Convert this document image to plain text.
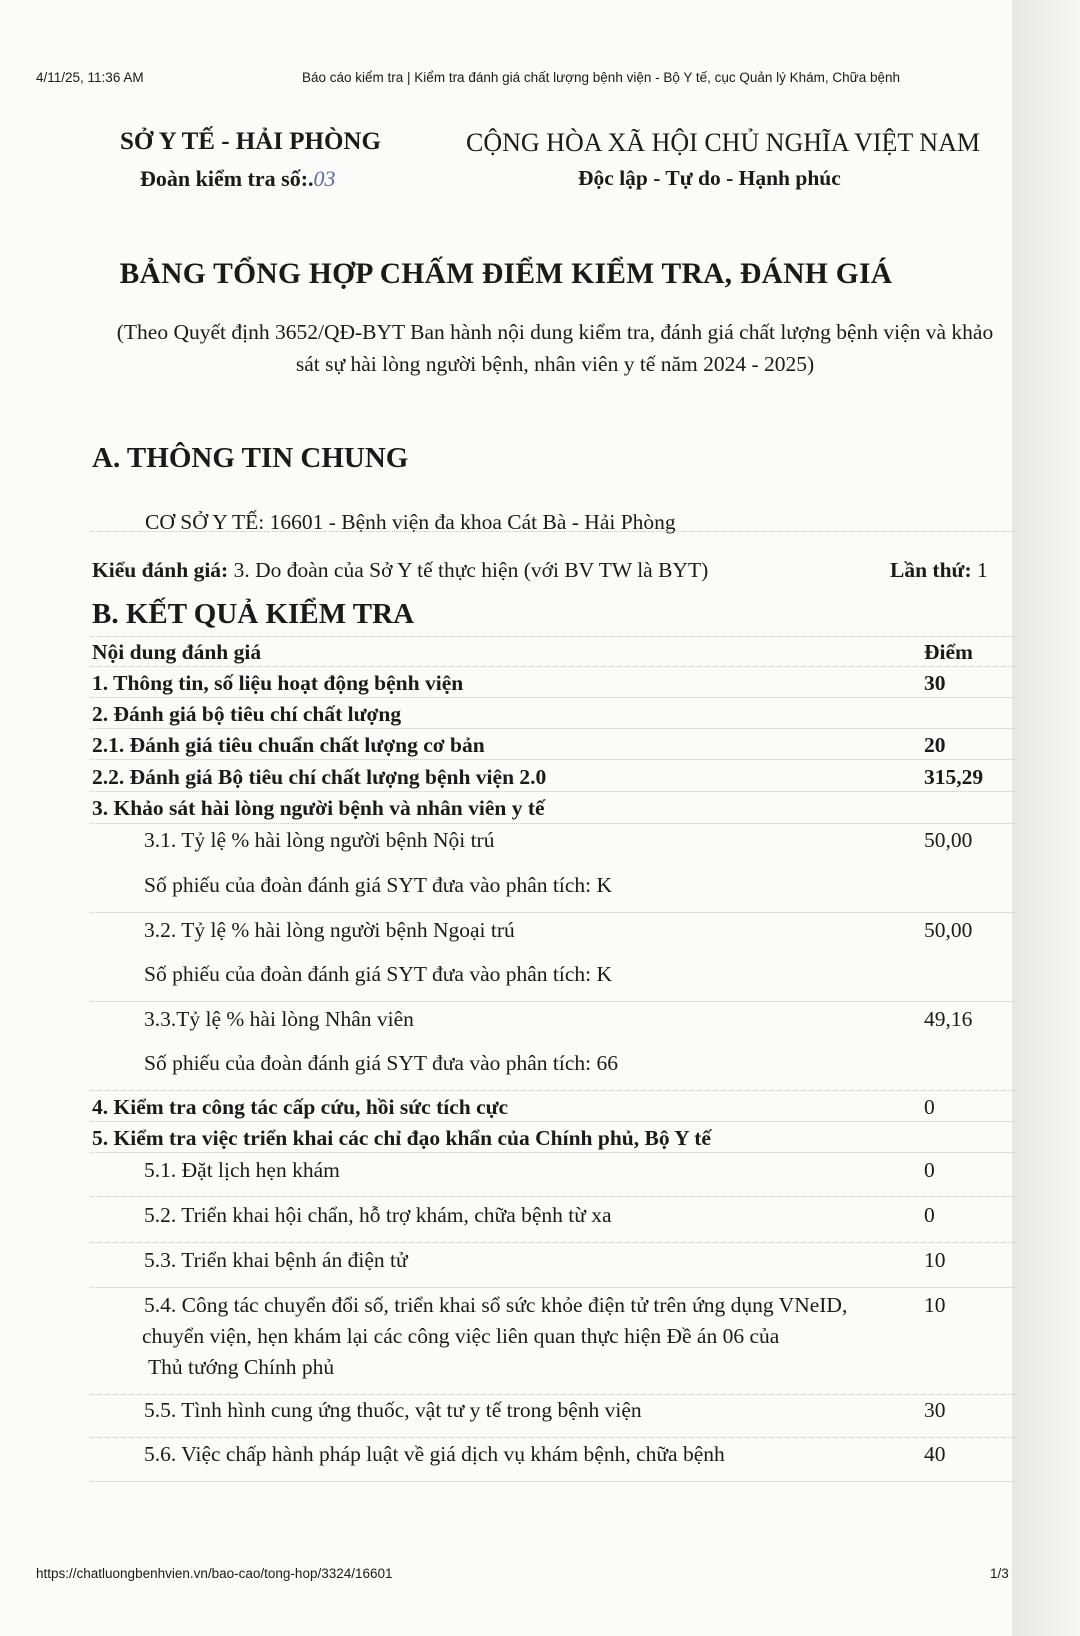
4/11/25, 11:36 AM	Báo cáo kiểm tra | Kiểm tra đánh giá chất lượng bệnh viện - Bộ Y tế, cục Quản lý Khám, Chữa bệnh
SỞ Y TẾ - HẢI PHÒNG
Đoàn kiểm tra số:.03
CỘNG HÒA XÃ HỘI CHỦ NGHĨA VIỆT NAM
Độc lập - Tự do - Hạnh phúc
BẢNG TỔNG HỢP CHẤM ĐIỂM KIỂM TRA, ĐÁNH GIÁ
(Theo Quyết định 3652/QĐ-BYT Ban hành nội dung kiểm tra, đánh giá chất lượng bệnh viện và khảo
sát sự hài lòng người bệnh, nhân viên y tế năm 2024 - 2025)
A. THÔNG TIN CHUNG
CƠ SỞ Y TẾ: 16601 - Bệnh viện đa khoa Cát Bà - Hải Phòng
Kiểu đánh giá: 3. Do đoàn của Sở Y tế thực hiện (với BV TW là BYT)	Lần thứ: 1
B. KẾT QUẢ KIỂM TRA
Nội dung đánh giá	Điểm
1. Thông tin, số liệu hoạt động bệnh viện	30
2. Đánh giá bộ tiêu chí chất lượng
2.1. Đánh giá tiêu chuẩn chất lượng cơ bản	20
2.2. Đánh giá Bộ tiêu chí chất lượng bệnh viện 2.0	315,29
3. Khảo sát hài lòng người bệnh và nhân viên y tế
3.1. Tỷ lệ % hài lòng người bệnh Nội trú	50,00
Số phiếu của đoàn đánh giá SYT đưa vào phân tích: K
3.2. Tỷ lệ % hài lòng người bệnh Ngoại trú	50,00
Số phiếu của đoàn đánh giá SYT đưa vào phân tích: K
3.3.Tỷ lệ % hài lòng Nhân viên	49,16
Số phiếu của đoàn đánh giá SYT đưa vào phân tích: 66
4. Kiểm tra công tác cấp cứu, hồi sức tích cực	0
5. Kiểm tra việc triển khai các chỉ đạo khẩn của Chính phủ, Bộ Y tế
5.1. Đặt lịch hẹn khám	0
5.2. Triển khai hội chẩn, hỗ trợ khám, chữa bệnh từ xa	0
5.3. Triển khai bệnh án điện tử	10
5.4. Công tác chuyển đổi số, triển khai sổ sức khỏe điện tử trên ứng dụng VNeID,	10
chuyển viện, hẹn khám lại các công việc liên quan thực hiện Đề án 06 của
Thủ tướng Chính phủ
5.5. Tình hình cung ứng thuốc, vật tư y tế trong bệnh viện	30
5.6. Việc chấp hành pháp luật về giá dịch vụ khám bệnh, chữa bệnh	40
https://chatluongbenhvien.vn/bao-cao/tong-hop/3324/16601	1/3
